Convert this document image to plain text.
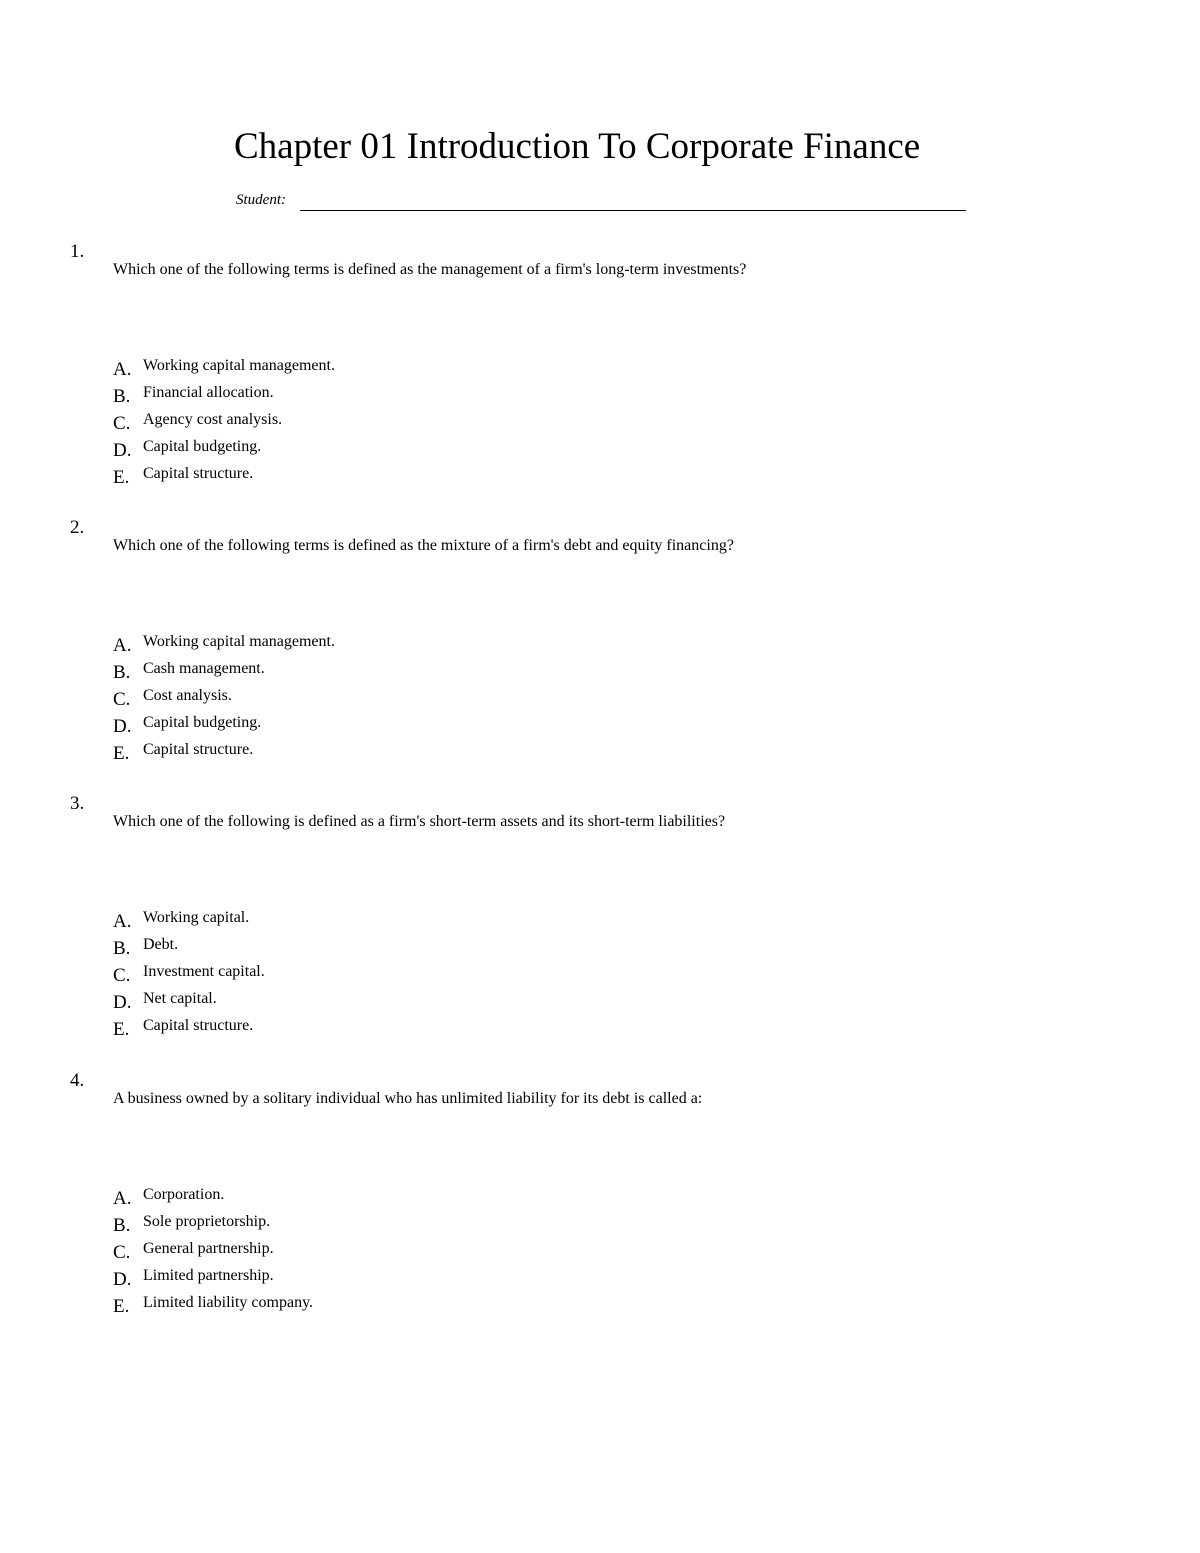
Chapter 01 Introduction To Corporate Finance
Student:
1.
Which one of the following terms is defined as the management of a firm's long-term investments?
A. Working capital management.
B. Financial allocation.
C. Agency cost analysis.
D. Capital budgeting.
E. Capital structure.
2.
Which one of the following terms is defined as the mixture of a firm's debt and equity financing?
A. Working capital management.
B. Cash management.
C. Cost analysis.
D. Capital budgeting.
E. Capital structure.
3.
Which one of the following is defined as a firm's short-term assets and its short-term liabilities?
A. Working capital.
B. Debt.
C. Investment capital.
D. Net capital.
E. Capital structure.
4.
A business owned by a solitary individual who has unlimited liability for its debt is called a:
A. Corporation.
B. Sole proprietorship.
C. General partnership.
D. Limited partnership.
E. Limited liability company.
